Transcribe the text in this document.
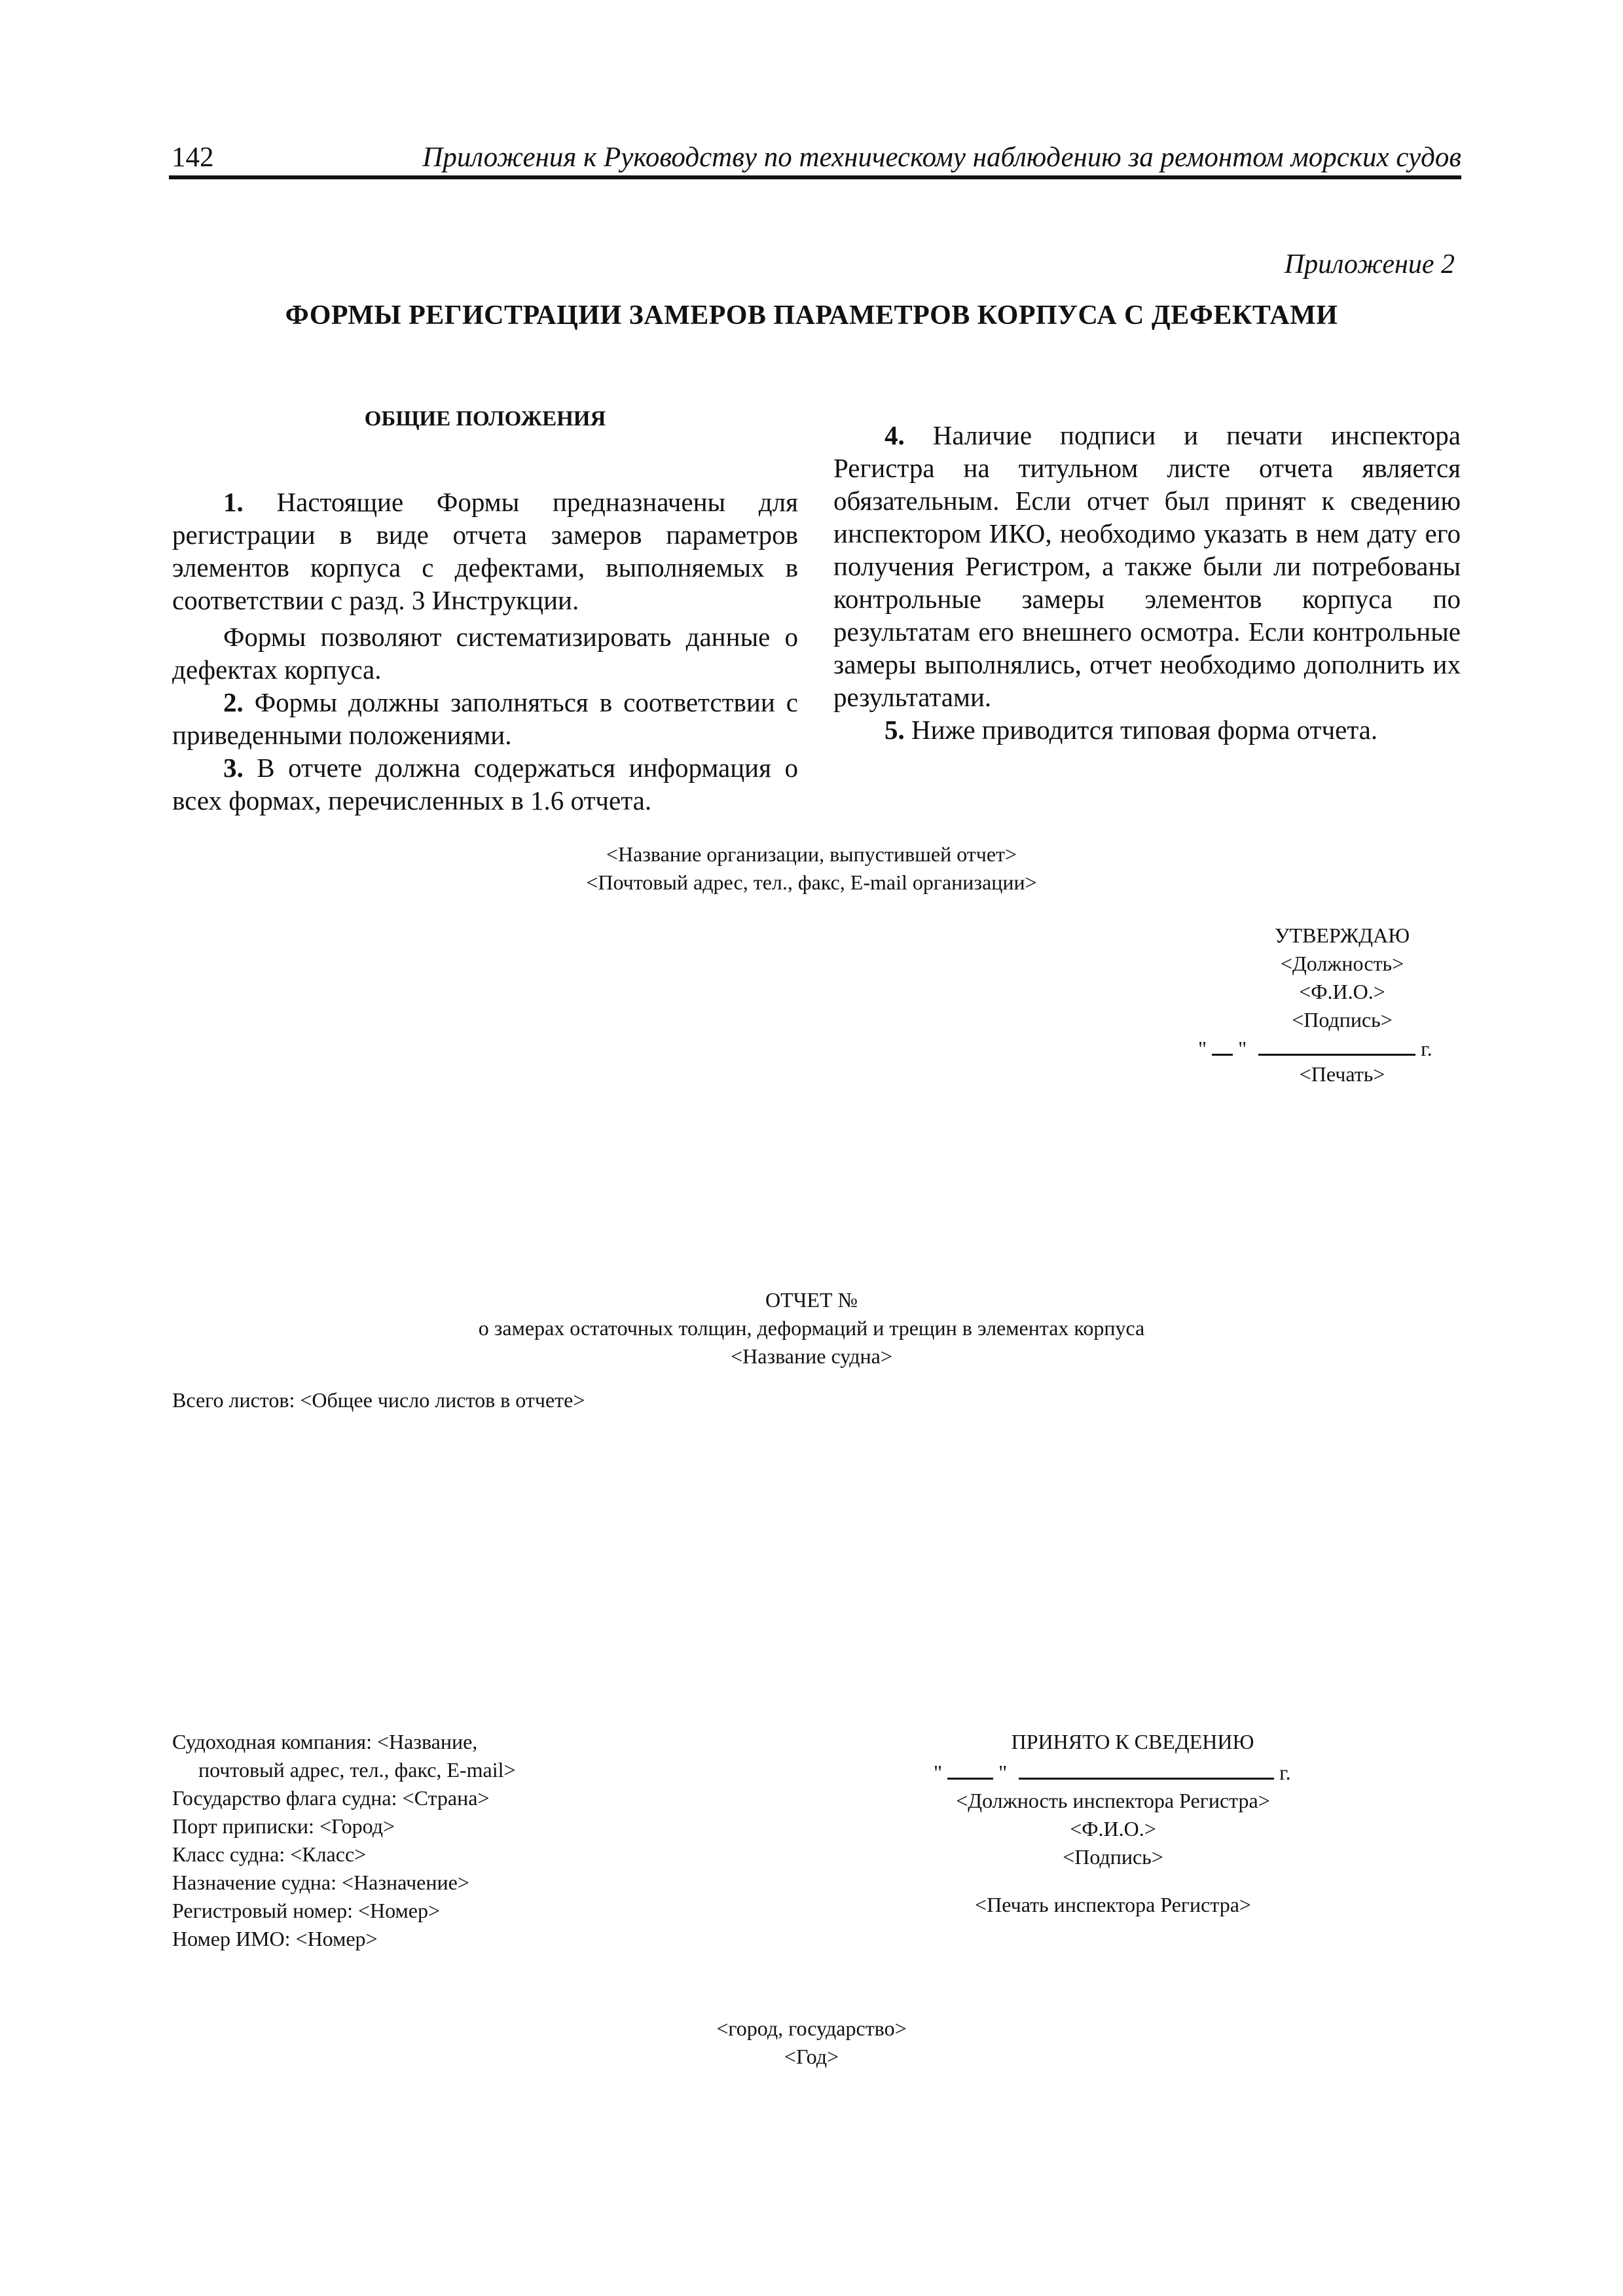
142	Приложения к Руководству по техническому наблюдению за ремонтом морских судов
Приложение 2
ФОРМЫ РЕГИСТРАЦИИ ЗАМЕРОВ ПАРАМЕТРОВ КОРПУСА С ДЕФЕКТАМИ
ОБЩИЕ ПОЛОЖЕНИЯ

1. Настоящие Формы предназначены для регистрации в виде отчета замеров параметров элементов корпуса с дефектами, выполняемых в соответствии с разд. 3 Инструкции.

Формы позволяют систематизировать данные о дефектах корпуса.

2. Формы должны заполняться в соответствии с приведенными положениями.

3. В отчете должна содержаться информация о всех формах, перечисленных в 1.6 отчета.

4. Наличие подписи и печати инспектора Регистра на титульном листе отчета является обязательным. Если отчет был принят к сведению инспектором ИКО, необходимо указать в нем дату его получения Регистром, а также были ли потребованы контрольные замеры элементов корпуса по результатам его внешнего осмотра. Если контрольные замеры выполнялись, отчет необходимо дополнить их результатами.

5. Ниже приводится типовая форма отчета.

<Название организации, выпустившей отчет>
<Почтовый адрес, тел., факс, E-mail организации>
УТВЕРЖДАЮ
<Должность>
<Ф.И.О.>
<Подпись>
" "	г.
<Печать>
ОТЧЕТ №
о замерах остаточных толщин, деформаций и трещин в элементах корпуса
<Название судна>
Всего листов: <Общее число листов в отчете>
Судоходная компания: <Название,
почтовый адрес, тел., факс, E-mail>
Государство флага судна: <Страна>
Порт приписки: <Город>
Класс судна: <Класс>
Назначение судна: <Назначение>
Регистровый номер: <Номер>
Номер ИМО: <Номер>
ПРИНЯТО К СВЕДЕНИЮ
"	"	г.
<Должность инспектора Регистра>
<Ф.И.О.>
<Подпись>
<Печать инспектора Регистра>
<город, государство>
<Год>
